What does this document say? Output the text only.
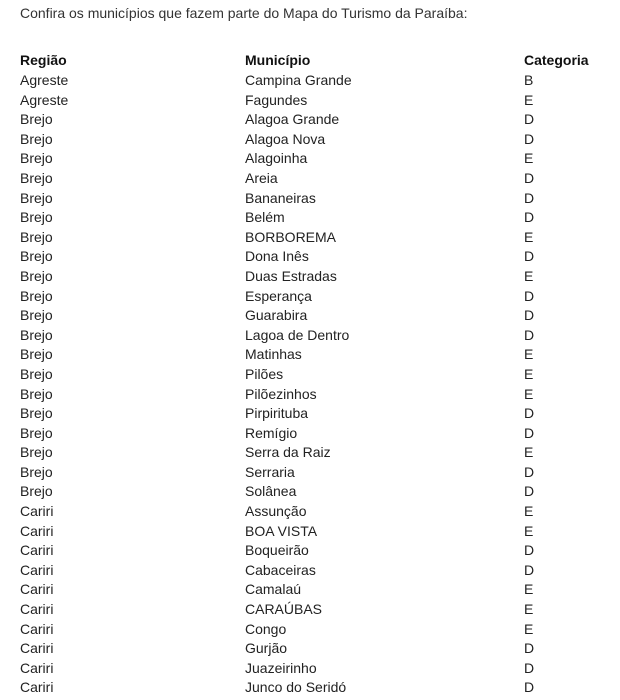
Confira os municípios que fazem parte do Mapa do Turismo da Paraíba:

Região	Município	Categoria
Agreste	Campina Grande	B
Agreste	Fagundes	E
Brejo	Alagoa Grande	D
Brejo	Alagoa Nova	D
Brejo	Alagoinha	E
Brejo	Areia	D
Brejo	Bananeiras	D
Brejo	Belém	D
Brejo	BORBOREMA	E
Brejo	Dona Inês	D
Brejo	Duas Estradas	E
Brejo	Esperança	D
Brejo	Guarabira	D
Brejo	Lagoa de Dentro	D
Brejo	Matinhas	E
Brejo	Pilões	E
Brejo	Pilõezinhos	E
Brejo	Pirpirituba	D
Brejo	Remígio	D
Brejo	Serra da Raiz	E
Brejo	Serraria	D
Brejo	Solânea	D
Cariri	Assunção	E
Cariri	BOA VISTA	E
Cariri	Boqueirão	D
Cariri	Cabaceiras	D
Cariri	Camalaú	E
Cariri	CARAÚBAS	E
Cariri	Congo	E
Cariri	Gurjão	D
Cariri	Juazeirinho	D
Cariri	Junco do Seridó	D
